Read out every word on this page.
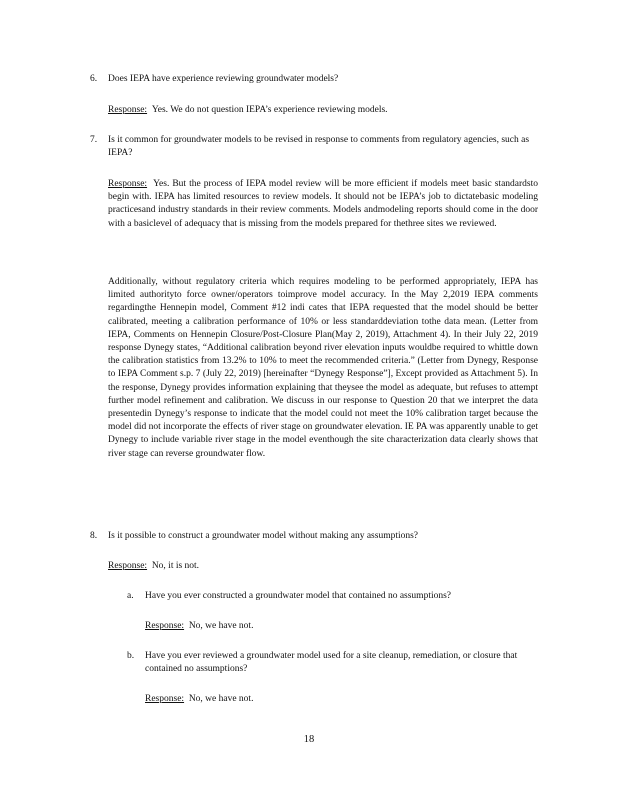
6. Does IEPA have experience reviewing groundwater models?
Response: Yes. We do not question IEPA’s experience reviewing models.
7. Is it common for groundwater models to be revised in response to comments from regulatory agencies, such as IEPA?
Response: Yes. But the process of IEPA model review will be more efficient if models meet basic standardsto begin with. IEPA has limited resources to review models. It should not be IEPA’s job to dictatebasic modeling practicesand industry standards in their review comments. Models andmodeling reports should come in the door with a basiclevel of adequacy that is missing from the models prepared for thethree sites we reviewed.
Additionally, without regulatory criteria which requires modeling to be performed appropriately, IEPA has limited authorityto force owner/operators toimprove model accuracy. In the May 2,2019 IEPA comments regardingthe Hennepin model, Comment #12 indi cates that IEPA requested that the model should be better calibrated, meeting a calibration performance of 10% or less standarddeviation tothe data mean. (Letter from IEPA, Comments on Hennepin Closure/Post-Closure Plan(May 2, 2019), Attachment 4). In their July 22, 2019 response Dynegy states, “Additional calibration beyond river elevation inputs wouldbe required to whittle down the calibration statistics from 13.2% to 10% to meet the recommended criteria.” (Letter from Dynegy, Response to IEPA Comment s.p. 7 (July 22, 2019) [hereinafter “Dynegy Response”], Except provided as Attachment 5). In the response, Dynegy provides information explaining that theysee the model as adequate, but refuses to attempt further model refinement and calibration. We discuss in our response to Question 20 that we interpret the data presentedin Dynegy’s response to indicate that the model could not meet the 10% calibration target because the model did not incorporate the effects of river stage on groundwater elevation. IE PA was apparently unable to get Dynegy to include variable river stage in the model eventhough the site characterization data clearly shows that river stage can reverse groundwater flow.
8. Is it possible to construct a groundwater model without making any assumptions?
Response: No, it is not.
a. Have you ever constructed a groundwater model that contained no assumptions?
Response: No, we have not.
b. Have you ever reviewed a groundwater model used for a site cleanup, remediation, or closure that contained no assumptions?
Response: No, we have not.
18
